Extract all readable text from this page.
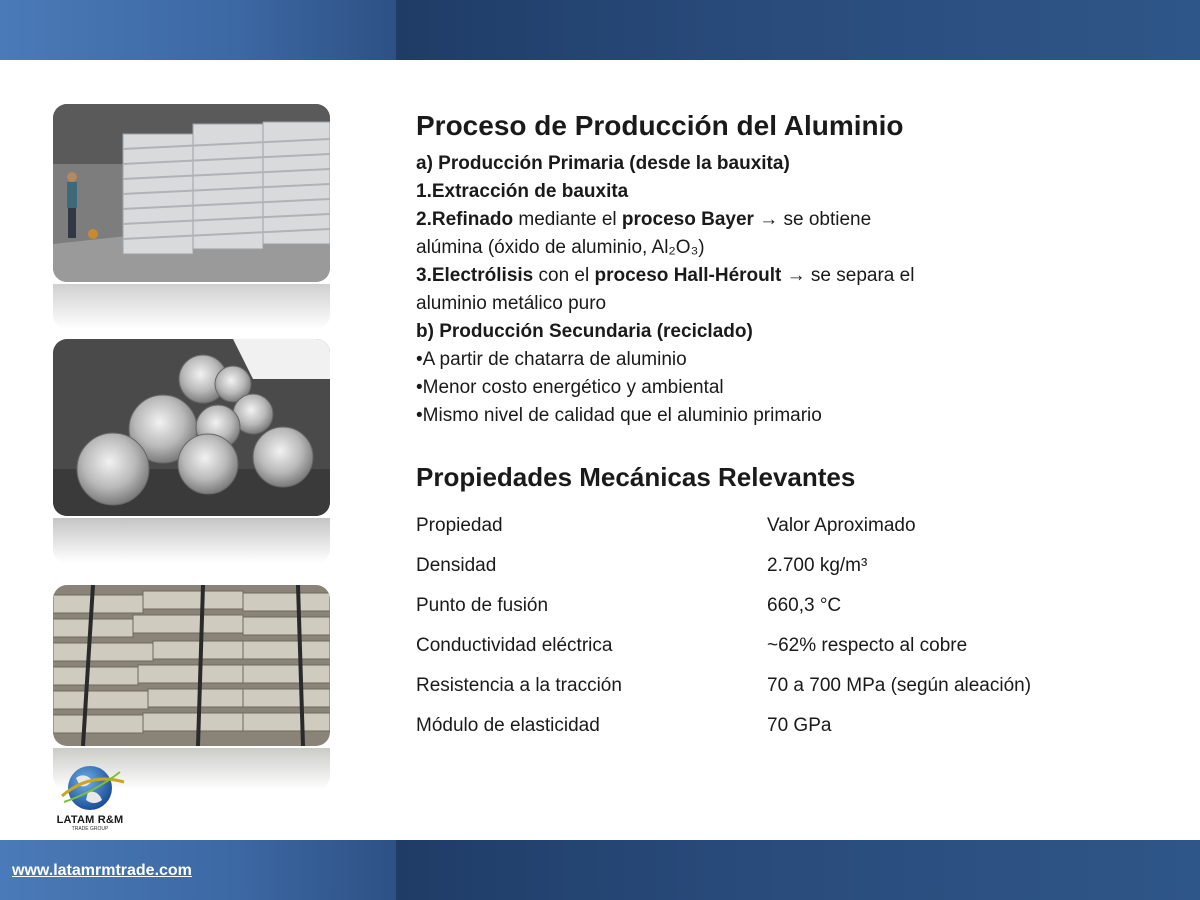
LATAM R&M
TRADE GROUP

Proceso de Producción del Aluminio

a) Producción Primaria (desde la bauxita)

1.Extracción de bauxita

2.Refinado mediante el proceso Bayer → se obtiene

alúmina (óxido de aluminio, Al₂O₃)

3.Electrólisis con el proceso Hall-Héroult → se separa el

aluminio metálico puro

b) Producción Secundaria (reciclado)

•A partir de chatarra de aluminio

•Menor costo energético y ambiental

•Mismo nivel de calidad que el aluminio primario

Propiedades Mecánicas Relevantes

Propiedad	Valor Aproximado
Densidad	2.700 kg/m³
Punto de fusión	660,3 °C
Conductividad eléctrica	~62% respecto al cobre
Resistencia a la tracción	70 a 700 MPa (según aleación)
Módulo de elasticidad	70 GPa
www.latamrmtrade.com
